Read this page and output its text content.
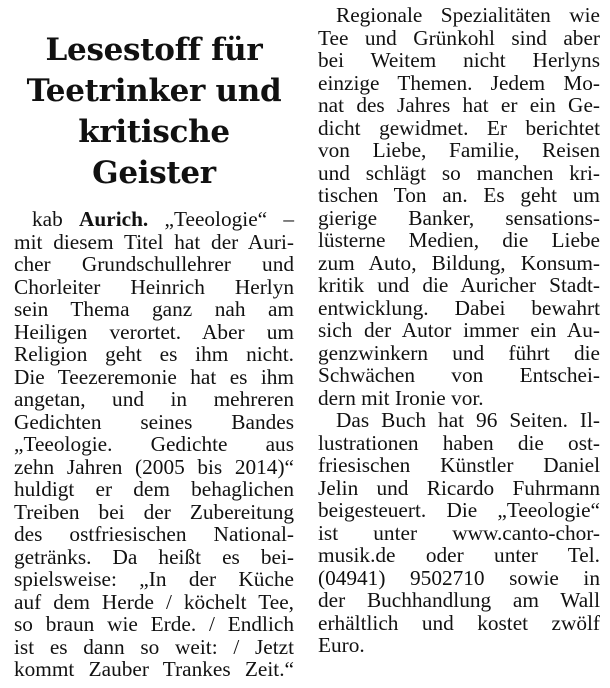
Lesestoff für
Teetrinker und
kritische
Geister
kab Aurich. „Teeologie“ –
mit diesem Titel hat der Auri-
cher Grundschullehrer und
Chorleiter Heinrich Herlyn
sein Thema ganz nah am
Heiligen verortet. Aber um
Religion geht es ihm nicht.
Die Teezeremonie hat es ihm
angetan, und in mehreren
Gedichten seines Bandes
„Teeologie. Gedichte aus
zehn Jahren (2005 bis 2014)“
huldigt er dem behaglichen
Treiben bei der Zubereitung
des ostfriesischen National-
getränks. Da heißt es bei-
spielsweise: „In der Küche
auf dem Herde / köchelt Tee,
so braun wie Erde. / Endlich
ist es dann so weit: / Jetzt
kommt Zauber Trankes Zeit.“
Regionale Spezialitäten wie
Tee und Grünkohl sind aber
bei Weitem nicht Herlyns
einzige Themen. Jedem Mo-
nat des Jahres hat er ein Ge-
dicht gewidmet. Er berichtet
von Liebe, Familie, Reisen
und schlägt so manchen kri-
tischen Ton an. Es geht um
gierige Banker, sensations-
lüsterne Medien, die Liebe
zum Auto, Bildung, Konsum-
kritik und die Auricher Stadt-
entwicklung. Dabei bewahrt
sich der Autor immer ein Au-
genzwinkern und führt die
Schwächen von Entschei-
dern mit Ironie vor.
Das Buch hat 96 Seiten. Il-
lustrationen haben die ost-
friesischen Künstler Daniel
Jelin und Ricardo Fuhrmann
beigesteuert. Die „Teeologie“
ist unter www.canto-chor-
musik.de oder unter Tel.
(04941) 9502710 sowie in
der Buchhandlung am Wall
erhältlich und kostet zwölf
Euro.
